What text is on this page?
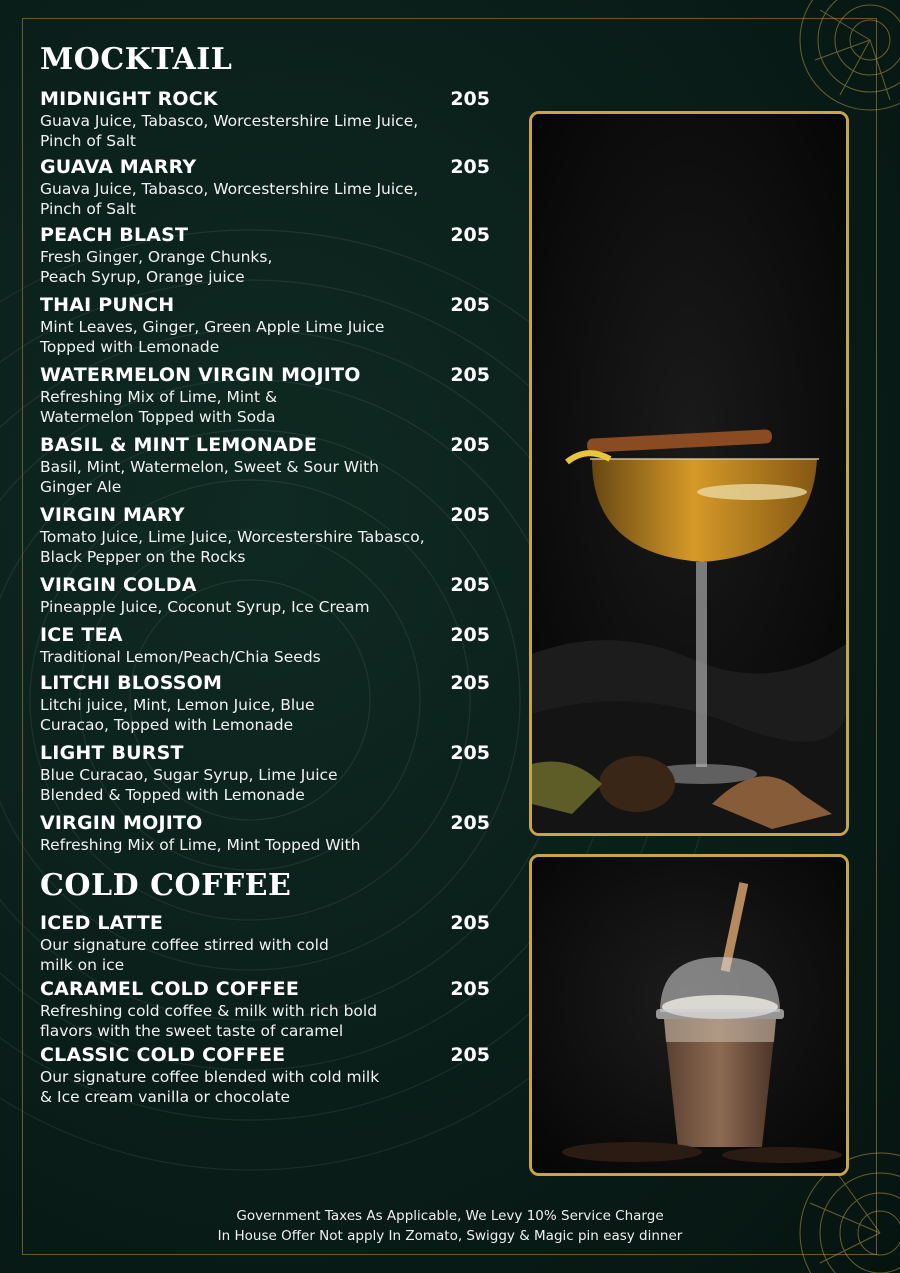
MOCKTAIL
MIDNIGHT ROCK	205
Guava Juice, Tabasco, Worcestershire Lime Juice, Pinch of Salt
GUAVA MARRY	205
Guava Juice, Tabasco, Worcestershire Lime Juice, Pinch of Salt
PEACH BLAST	205
Fresh Ginger, Orange Chunks, Peach Syrup, Orange juice
THAI PUNCH	205
Mint Leaves, Ginger, Green Apple Lime Juice Topped with Lemonade
WATERMELON VIRGIN MOJITO	205
Refreshing Mix of Lime, Mint & Watermelon Topped with Soda
BASIL & MINT LEMONADE	205
Basil, Mint, Watermelon, Sweet & Sour With Ginger Ale
VIRGIN MARY	205
Tomato Juice, Lime Juice, Worcestershire Tabasco, Black Pepper on the Rocks
VIRGIN COLDA	205
Pineapple Juice, Coconut Syrup, Ice Cream
ICE TEA	205
Traditional Lemon/Peach/Chia Seeds
LITCHI BLOSSOM	205
Litchi juice, Mint, Lemon Juice, Blue Curacao, Topped with Lemonade
LIGHT BURST	205
Blue Curacao, Sugar Syrup, Lime Juice Blended & Topped with Lemonade
VIRGIN MOJITO	205
Refreshing Mix of Lime, Mint Topped With
COLD COFFEE
ICED LATTE	205
Our signature coffee stirred with cold milk on ice
CARAMEL COLD COFFEE	205
Refreshing cold coffee & milk with rich bold flavors with the sweet taste of caramel
CLASSIC COLD COFFEE	205
Our signature coffee blended with cold milk & Ice cream vanilla or chocolate
Government Taxes As Applicable, We Levy 10% Service Charge
In House Offer Not apply In Zomato, Swiggy & Magic pin easy dinner
